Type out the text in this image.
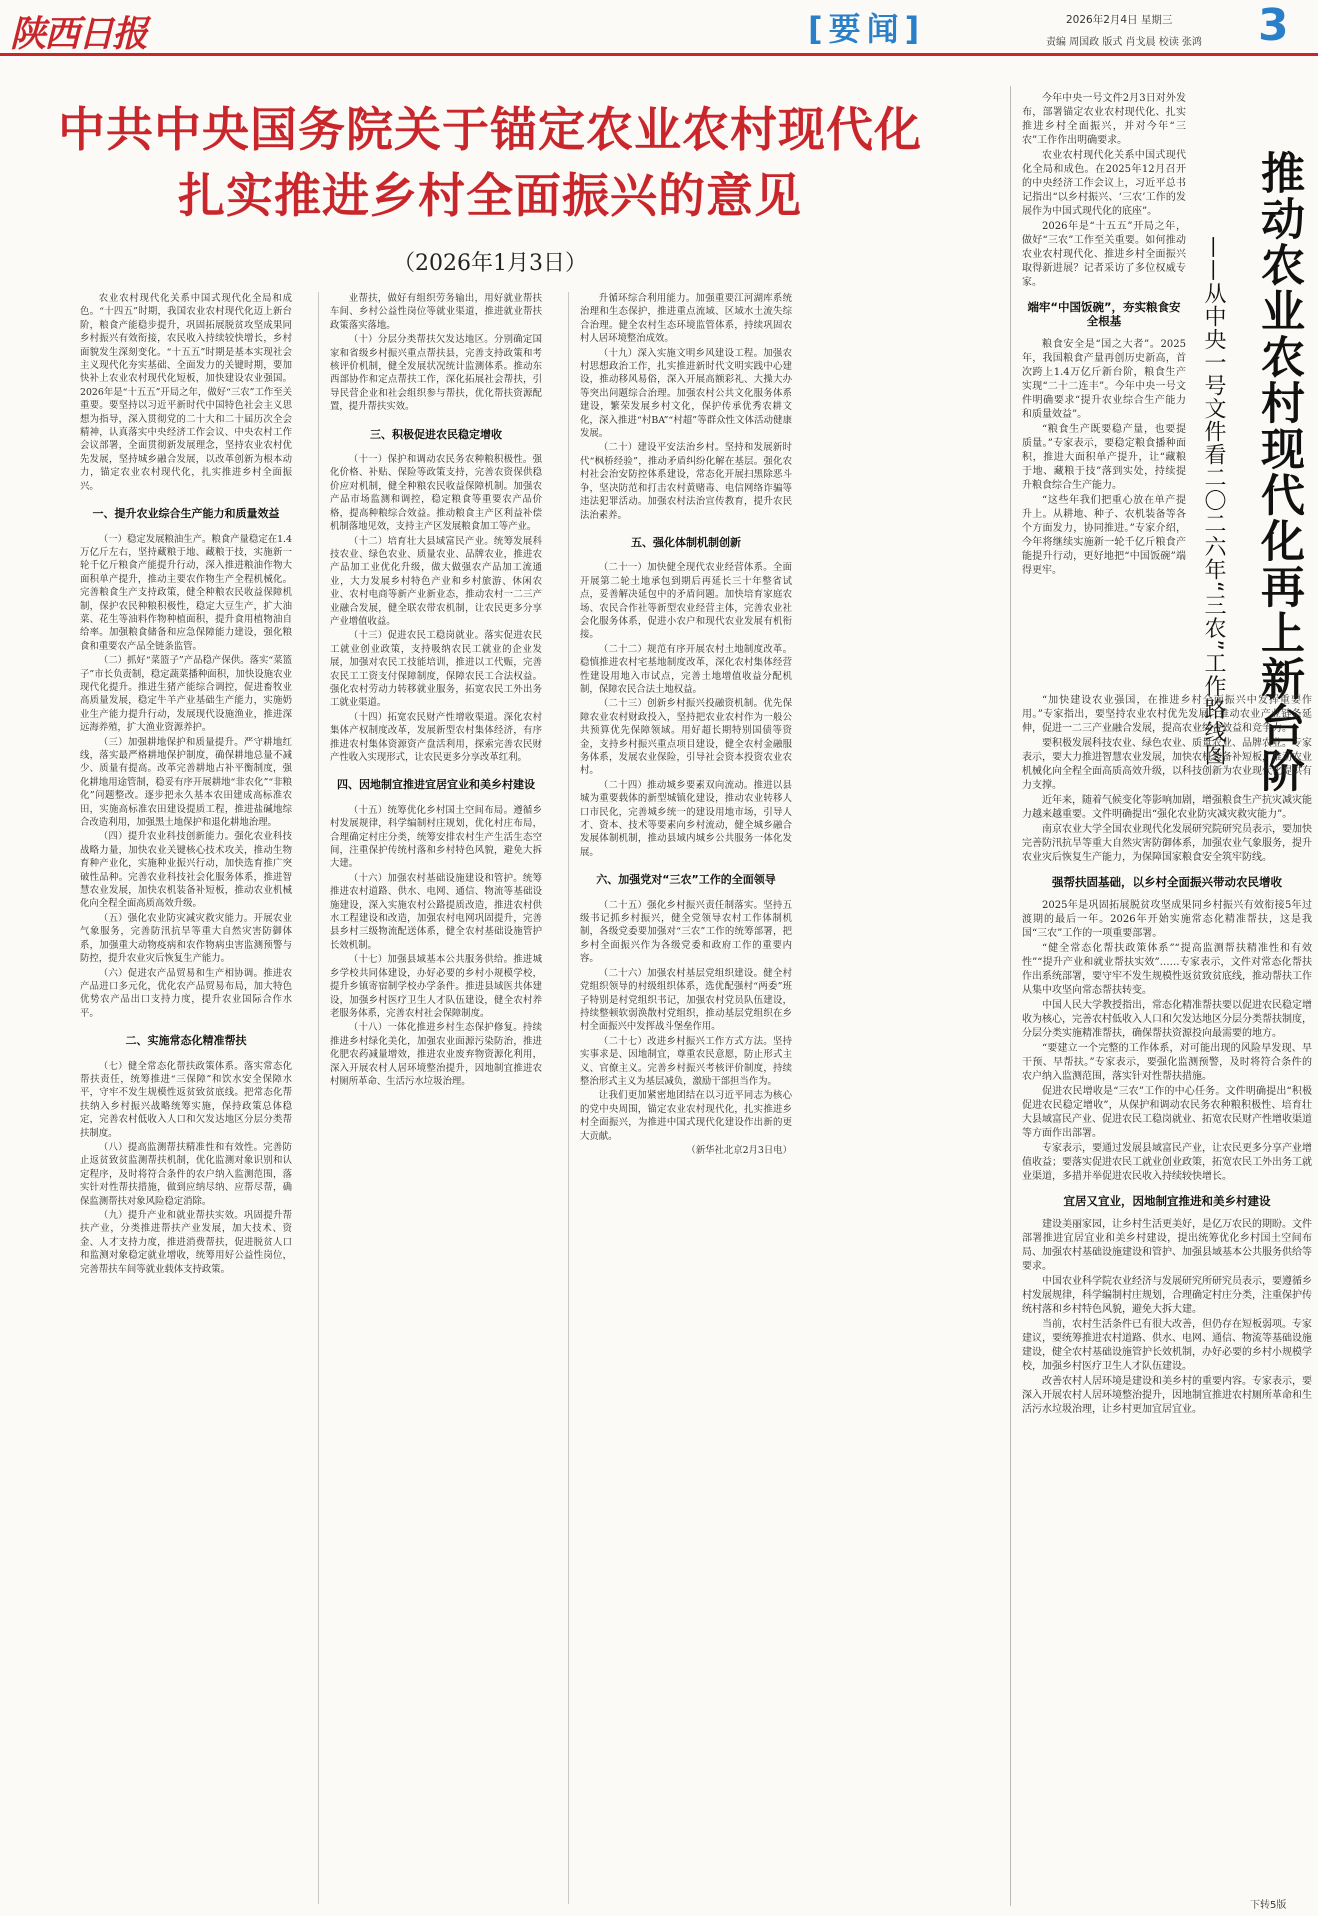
陕西日报	[要闻]	2026年2月4日 星期三
责编 周国政 版式 肖戈晨 校读 张鸿 3
中共中央国务院关于锚定农业农村现代化
扎实推进乡村全面振兴的意见
（2026年1月3日）

农业农村现代化关系中国式现代化全局和成色。“十四五”时期，我国农业农村现代化迈上新台阶，粮食产能稳步提升，巩固拓展脱贫攻坚成果同乡村振兴有效衔接，农民收入持续较快增长，乡村面貌发生深刻变化。“十五五”时期是基本实现社会主义现代化夯实基础、全面发力的关键时期，要加快补上农业农村现代化短板，加快建设农业强国。2026年是“十五五”开局之年，做好“三农”工作至关重要。要坚持以习近平新时代中国特色社会主义思想为指导，深入贯彻党的二十大和二十届历次全会精神，认真落实中央经济工作会议、中央农村工作会议部署，全面贯彻新发展理念，坚持农业农村优先发展，坚持城乡融合发展，以改革创新为根本动力，锚定农业农村现代化，扎实推进乡村全面振兴。

一、提升农业综合生产能力和质量效益

（一）稳定发展粮油生产。粮食产量稳定在1.4万亿斤左右，坚持藏粮于地、藏粮于技，实施新一轮千亿斤粮食产能提升行动，深入推进粮油作物大面积单产提升，推动主要农作物生产全程机械化。完善粮食生产支持政策，健全种粮农民收益保障机制，保护农民种粮积极性，稳定大豆生产，扩大油菜、花生等油料作物种植面积，提升食用植物油自给率。加强粮食储备和应急保障能力建设，强化粮食和重要农产品全链条监管。

（二）抓好“菜篮子”产品稳产保供。落实“菜篮子”市长负责制，稳定蔬菜播种面积，加快设施农业现代化提升。推进生猪产能综合调控，促进畜牧业高质量发展，稳定牛羊产业基础生产能力，实施奶业生产能力提升行动，发展现代设施渔业，推进深远海养殖，扩大渔业资源养护。

（三）加强耕地保护和质量提升。严守耕地红线，落实最严格耕地保护制度，确保耕地总量不减少、质量有提高。改革完善耕地占补平衡制度，强化耕地用途管制，稳妥有序开展耕地“非农化”“非粮化”问题整改。逐步把永久基本农田建成高标准农田，实施高标准农田建设提质工程，推进盐碱地综合改造利用，加强黑土地保护和退化耕地治理。

（四）提升农业科技创新能力。强化农业科技战略力量，加快农业关键核心技术攻关，推动生物育种产业化，实施种业振兴行动，加快选育推广突破性品种。完善农业科技社会化服务体系，推进智慧农业发展，加快农机装备补短板，推动农业机械化向全程全面高质高效升级。

（五）强化农业防灾减灾救灾能力。开展农业气象服务，完善防汛抗旱等重大自然灾害防御体系，加强重大动物疫病和农作物病虫害监测预警与防控，提升农业灾后恢复生产能力。

（六）促进农产品贸易和生产相协调。推进农产品进口多元化，优化农产品贸易布局，加大特色优势农产品出口支持力度，提升农业国际合作水平。

二、实施常态化精准帮扶

（七）健全常态化帮扶政策体系。落实常态化帮扶责任，统筹推进“三保障”和饮水安全保障水平，守牢不发生规模性返贫致贫底线。把常态化帮扶纳入乡村振兴战略统筹实施，保持政策总体稳定，完善农村低收入人口和欠发达地区分层分类帮扶制度。

（八）提高监测帮扶精准性和有效性。完善防止返贫致贫监测帮扶机制，优化监测对象识别和认定程序，及时将符合条件的农户纳入监测范围，落实针对性帮扶措施，做到应纳尽纳、应帮尽帮，确保监测帮扶对象风险稳定消除。

（九）提升产业和就业帮扶实效。巩固提升帮扶产业，分类推进帮扶产业发展，加大技术、资金、人才支持力度，推进消费帮扶，促进脱贫人口和监测对象稳定就业增收，统筹用好公益性岗位，完善帮扶车间等就业载体支持政策。

业帮扶，做好有组织劳务输出，用好就业帮扶车间、乡村公益性岗位等就业渠道，推进就业帮扶政策落实落地。

（十）分层分类帮扶欠发达地区。分别确定国家和省级乡村振兴重点帮扶县，完善支持政策和考核评价机制，健全发展状况统计监测体系。推动东西部协作和定点帮扶工作，深化拓展社会帮扶，引导民营企业和社会组织参与帮扶，优化帮扶资源配置，提升帮扶实效。

三、积极促进农民稳定增收

（十一）保护和调动农民务农种粮积极性。强化价格、补贴、保险等政策支持，完善农资保供稳价应对机制，健全种粮农民收益保障机制。加强农产品市场监测和调控，稳定粮食等重要农产品价格，提高种粮综合效益。推动粮食主产区利益补偿机制落地见效，支持主产区发展粮食加工等产业。

（十二）培育壮大县域富民产业。统筹发展科技农业、绿色农业、质量农业、品牌农业，推进农产品加工业优化升级，做大做强农产品加工流通业，大力发展乡村特色产业和乡村旅游、休闲农业、农村电商等新产业新业态，推动农村一二三产业融合发展，健全联农带农机制，让农民更多分享产业增值收益。

（十三）促进农民工稳岗就业。落实促进农民工就业创业政策，支持吸纳农民工就业的企业发展，加强对农民工技能培训，推进以工代赈，完善农民工工资支付保障制度，保障农民工合法权益。强化农村劳动力转移就业服务，拓宽农民工外出务工就业渠道。

（十四）拓宽农民财产性增收渠道。深化农村集体产权制度改革，发展新型农村集体经济，有序推进农村集体资源资产盘活利用，探索完善农民财产性收入实现形式，让农民更多分享改革红利。

四、因地制宜推进宜居宜业和美乡村建设

（十五）统筹优化乡村国土空间布局。遵循乡村发展规律，科学编制村庄规划，优化村庄布局，合理确定村庄分类，统筹安排农村生产生活生态空间，注重保护传统村落和乡村特色风貌，避免大拆大建。

（十六）加强农村基础设施建设和管护。统筹推进农村道路、供水、电网、通信、物流等基础设施建设，深入实施农村公路提质改造，推进农村供水工程建设和改造，加强农村电网巩固提升，完善县乡村三级物流配送体系，健全农村基础设施管护长效机制。

（十七）加强县域基本公共服务供给。推进城乡学校共同体建设，办好必要的乡村小规模学校，提升乡镇寄宿制学校办学条件。推进县域医共体建设，加强乡村医疗卫生人才队伍建设，健全农村养老服务体系，完善农村社会保障制度。

（十八）一体化推进乡村生态保护修复。持续推进乡村绿化美化，加强农业面源污染防治，推进化肥农药减量增效，推进农业废弃物资源化利用，深入开展农村人居环境整治提升，因地制宜推进农村厕所革命、生活污水垃圾治理。

升循环综合利用能力。加强重要江河湖库系统治理和生态保护，推进重点流域、区域水土流失综合治理。健全农村生态环境监管体系，持续巩固农村人居环境整治成效。

（十九）深入实施文明乡风建设工程。加强农村思想政治工作，扎实推进新时代文明实践中心建设，推动移风易俗，深入开展高额彩礼、大操大办等突出问题综合治理。加强农村公共文化服务体系建设，繁荣发展乡村文化，保护传承优秀农耕文化，深入推进“村BA”“村超”等群众性文体活动健康发展。

（二十）建设平安法治乡村。坚持和发展新时代“枫桥经验”，推动矛盾纠纷化解在基层。强化农村社会治安防控体系建设，常态化开展扫黑除恶斗争，坚决防范和打击农村黄赌毒、电信网络诈骗等违法犯罪活动。加强农村法治宣传教育，提升农民法治素养。

五、强化体制机制创新

（二十一）加快健全现代农业经营体系。全面开展第二轮土地承包到期后再延长三十年整省试点，妥善解决延包中的矛盾问题。加快培育家庭农场、农民合作社等新型农业经营主体，完善农业社会化服务体系，促进小农户和现代农业发展有机衔接。

（二十二）规范有序开展农村土地制度改革。稳慎推进农村宅基地制度改革，深化农村集体经营性建设用地入市试点，完善土地增值收益分配机制，保障农民合法土地权益。

（二十三）创新乡村振兴投融资机制。优先保障农业农村财政投入，坚持把农业农村作为一般公共预算优先保障领域。用好超长期特别国债等资金，支持乡村振兴重点项目建设，健全农村金融服务体系，发展农业保险，引导社会资本投资农业农村。

（二十四）推动城乡要素双向流动。推进以县城为重要载体的新型城镇化建设，推动农业转移人口市民化，完善城乡统一的建设用地市场，引导人才、资本、技术等要素向乡村流动，健全城乡融合发展体制机制，推动县域内城乡公共服务一体化发展。

六、加强党对“三农”工作的全面领导

（二十五）强化乡村振兴责任制落实。坚持五级书记抓乡村振兴，健全党领导农村工作体制机制，各级党委要加强对“三农”工作的统筹部署，把乡村全面振兴作为各级党委和政府工作的重要内容。

（二十六）加强农村基层党组织建设。健全村党组织领导的村级组织体系，选优配强村“两委”班子特别是村党组织书记，加强农村党员队伍建设，持续整顿软弱涣散村党组织，推动基层党组织在乡村全面振兴中发挥战斗堡垒作用。

（二十七）改进乡村振兴工作方式方法。坚持实事求是、因地制宜，尊重农民意愿，防止形式主义、官僚主义。完善乡村振兴考核评价制度，持续整治形式主义为基层减负，激励干部担当作为。

让我们更加紧密地团结在以习近平同志为核心的党中央周围，锚定农业农村现代化，扎实推进乡村全面振兴，为推进中国式现代化建设作出新的更大贡献。

（新华社北京2月3日电）

今年中央一号文件2月3日对外发布，部署锚定农业农村现代化、扎实推进乡村全面振兴，并对今年“三农”工作作出明确要求。

农业农村现代化关系中国式现代化全局和成色。在2025年12月召开的中央经济工作会议上，习近平总书记指出“以乡村振兴、‘三农’工作的发展作为中国式现代化的底座”。

2026年是“十五五”开局之年，做好“三农”工作至关重要。如何推动农业农村现代化、推进乡村全面振兴取得新进展？记者采访了多位权威专家。

端牢“中国饭碗”，夯实粮食安全根基

粮食安全是“国之大者”。2025年，我国粮食产量再创历史新高，首次跨上1.4万亿斤新台阶，粮食生产实现“二十二连丰”。今年中央一号文件明确要求“提升农业综合生产能力和质量效益”。

“粮食生产既要稳产量，也要提质量。”专家表示，要稳定粮食播种面积，推进大面积单产提升，让“藏粮于地、藏粮于技”落到实处，持续提升粮食综合生产能力。

“这些年我们把重心放在单产提升上。从耕地、种子、农机装备等各个方面发力，协同推进。”专家介绍，今年将继续实施新一轮千亿斤粮食产能提升行动，更好地把“中国饭碗”端得更牢。	推动农业农村现代化再上新台阶
——从中央一号文件看二〇二六年“三农”工作路线图

“加快建设农业强国，在推进乡村全面振兴中发挥重要作用。”专家指出，要坚持农业农村优先发展，推动农业产业链条延伸，促进一二三产业融合发展，提高农业综合效益和竞争力。

要积极发展科技农业、绿色农业、质量农业、品牌农业。专家表示，要大力推进智慧农业发展，加快农机装备补短板，推动农业机械化向全程全面高质高效升级，以科技创新为农业现代化提供有力支撑。

近年来，随着气候变化等影响加剧，增强粮食生产抗灾减灾能力越来越重要。文件明确提出“强化农业防灾减灾救灾能力”。

南京农业大学全国农业现代化发展研究院研究员表示，要加快完善防汛抗旱等重大自然灾害防御体系，加强农业气象服务，提升农业灾后恢复生产能力，为保障国家粮食安全筑牢防线。

强帮扶固基础，以乡村全面振兴带动农民增收

2025年是巩固拓展脱贫攻坚成果同乡村振兴有效衔接5年过渡期的最后一年。2026年开始实施常态化精准帮扶，这是我国“三农”工作的一项重要部署。

“健全常态化帮扶政策体系”“提高监测帮扶精准性和有效性”“提升产业和就业帮扶实效”……专家表示，文件对常态化帮扶作出系统部署，要守牢不发生规模性返贫致贫底线，推动帮扶工作从集中攻坚向常态帮扶转变。

中国人民大学教授指出，常态化精准帮扶要以促进农民稳定增收为核心，完善农村低收入人口和欠发达地区分层分类帮扶制度，分层分类实施精准帮扶，确保帮扶资源投向最需要的地方。

“要建立一个完整的工作体系，对可能出现的风险早发现、早干预、早帮扶。”专家表示，要强化监测预警，及时将符合条件的农户纳入监测范围，落实针对性帮扶措施。

促进农民增收是“三农”工作的中心任务。文件明确提出“积极促进农民稳定增收”，从保护和调动农民务农种粮积极性、培育壮大县域富民产业、促进农民工稳岗就业、拓宽农民财产性增收渠道等方面作出部署。

专家表示，要通过发展县域富民产业，让农民更多分享产业增值收益；要落实促进农民工就业创业政策，拓宽农民工外出务工就业渠道，多措并举促进农民收入持续较快增长。

宜居又宜业，因地制宜推进和美乡村建设

建设美丽家园，让乡村生活更美好，是亿万农民的期盼。文件部署推进宜居宜业和美乡村建设，提出统筹优化乡村国土空间布局、加强农村基础设施建设和管护、加强县域基本公共服务供给等要求。

中国农业科学院农业经济与发展研究所研究员表示，要遵循乡村发展规律，科学编制村庄规划，合理确定村庄分类，注重保护传统村落和乡村特色风貌，避免大拆大建。

当前，农村生活条件已有很大改善，但仍存在短板弱项。专家建议，要统筹推进农村道路、供水、电网、通信、物流等基础设施建设，健全农村基础设施管护长效机制，办好必要的乡村小规模学校，加强乡村医疗卫生人才队伍建设。

改善农村人居环境是建设和美乡村的重要内容。专家表示，要深入开展农村人居环境整治提升，因地制宜推进农村厕所革命和生活污水垃圾治理，让乡村更加宜居宜业。

下转5版
